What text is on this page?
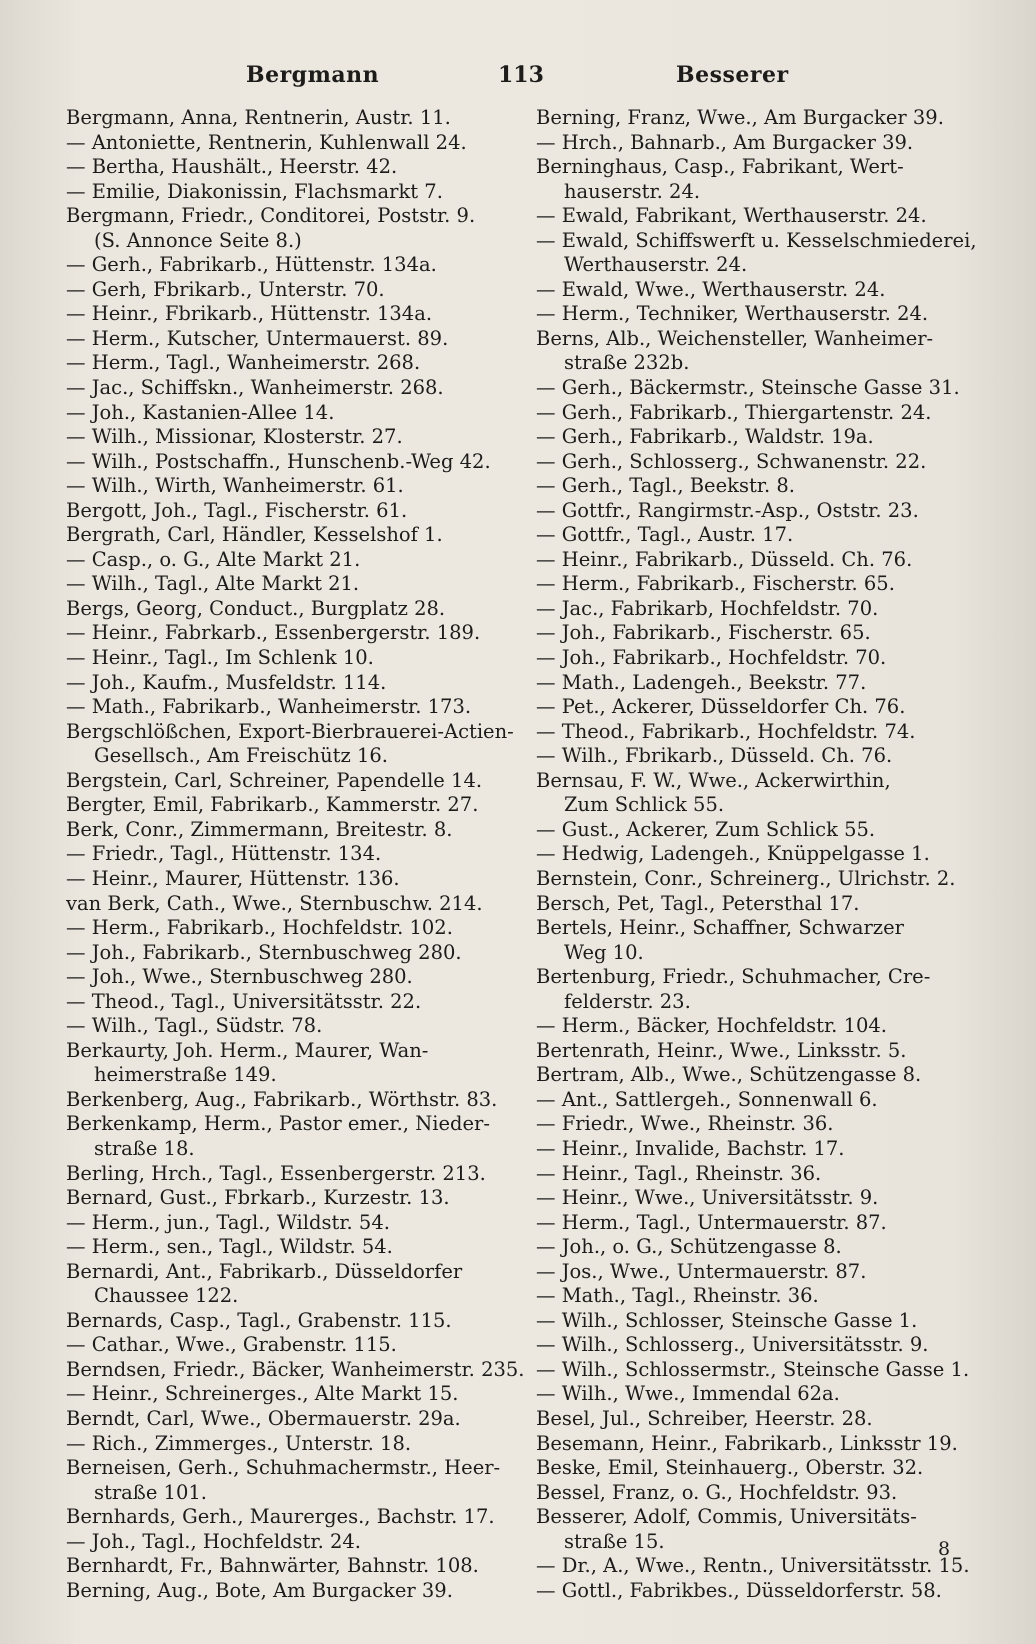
Bergmann	113	Besserer
Bergmann, Anna, Rentnerin, Austr. 11.
— Antoniette, Rentnerin, Kuhlenwall 24.
— Bertha, Haushält., Heerstr. 42.
— Emilie, Diakonissin, Flachsmarkt 7.
Bergmann, Friedr., Conditorei, Poststr. 9.
(S. Annonce Seite 8.)
— Gerh., Fabrikarb., Hüttenstr. 134a.
— Gerh, Fbrikarb., Unterstr. 70.
— Heinr., Fbrikarb., Hüttenstr. 134a.
— Herm., Kutscher, Untermauerst. 89.
— Herm., Tagl., Wanheimerstr. 268.
— Jac., Schiffskn., Wanheimerstr. 268.
— Joh., Kastanien-Allee 14.
— Wilh., Missionar, Klosterstr. 27.
— Wilh., Postschaffn., Hunschenb.-Weg 42.
— Wilh., Wirth, Wanheimerstr. 61.
Bergott, Joh., Tagl., Fischerstr. 61.
Bergrath, Carl, Händler, Kesselshof 1.
— Casp., o. G., Alte Markt 21.
— Wilh., Tagl., Alte Markt 21.
Bergs, Georg, Conduct., Burgplatz 28.
— Heinr., Fabrkarb., Essenbergerstr. 189.
— Heinr., Tagl., Im Schlenk 10.
— Joh., Kaufm., Musfeldstr. 114.
— Math., Fabrikarb., Wanheimerstr. 173.
Bergschlößchen, Export-Bierbrauerei-Actien-
Gesellsch., Am Freischütz 16.
Bergstein, Carl, Schreiner, Papendelle 14.
Bergter, Emil, Fabrikarb., Kammerstr. 27.
Berk, Conr., Zimmermann, Breitestr. 8.
— Friedr., Tagl., Hüttenstr. 134.
— Heinr., Maurer, Hüttenstr. 136.
van Berk, Cath., Wwe., Sternbuschw. 214.
— Herm., Fabrikarb., Hochfeldstr. 102.
— Joh., Fabrikarb., Sternbuschweg 280.
— Joh., Wwe., Sternbuschweg 280.
— Theod., Tagl., Universitätsstr. 22.
— Wilh., Tagl., Südstr. 78.
Berkaurty, Joh. Herm., Maurer, Wan-
heimerstraße 149.
Berkenberg, Aug., Fabrikarb., Wörthstr. 83.
Berkenkamp, Herm., Pastor emer., Nieder-
straße 18.
Berling, Hrch., Tagl., Essenbergerstr. 213.
Bernard, Gust., Fbrkarb., Kurzestr. 13.
— Herm., jun., Tagl., Wildstr. 54.
— Herm., sen., Tagl., Wildstr. 54.
Bernardi, Ant., Fabrikarb., Düsseldorfer
Chaussee 122.
Bernards, Casp., Tagl., Grabenstr. 115.
— Cathar., Wwe., Grabenstr. 115.
Berndsen, Friedr., Bäcker, Wanheimerstr. 235.
— Heinr., Schreinerges., Alte Markt 15.
Berndt, Carl, Wwe., Obermauerstr. 29a.
— Rich., Zimmerges., Unterstr. 18.
Berneisen, Gerh., Schuhmachermstr., Heer-
straße 101.
Bernhards, Gerh., Maurerges., Bachstr. 17.
— Joh., Tagl., Hochfeldstr. 24.
Bernhardt, Fr., Bahnwärter, Bahnstr. 108.
Berning, Aug., Bote, Am Burgacker 39.
Berning, Franz, Wwe., Am Burgacker 39.
— Hrch., Bahnarb., Am Burgacker 39.
Berninghaus, Casp., Fabrikant, Wert-
hauserstr. 24.
— Ewald, Fabrikant, Werthauserstr. 24.
— Ewald, Schiffswerft u. Kesselschmiederei,
Werthauserstr. 24.
— Ewald, Wwe., Werthauserstr. 24.
— Herm., Techniker, Werthauserstr. 24.
Berns, Alb., Weichensteller, Wanheimer-
straße 232b.
— Gerh., Bäckermstr., Steinsche Gasse 31.
— Gerh., Fabrikarb., Thiergartenstr. 24.
— Gerh., Fabrikarb., Waldstr. 19a.
— Gerh., Schlosserg., Schwanenstr. 22.
— Gerh., Tagl., Beekstr. 8.
— Gottfr., Rangirmstr.-Asp., Oststr. 23.
— Gottfr., Tagl., Austr. 17.
— Heinr., Fabrikarb., Düsseld. Ch. 76.
— Herm., Fabrikarb., Fischerstr. 65.
— Jac., Fabrikarb, Hochfeldstr. 70.
— Joh., Fabrikarb., Fischerstr. 65.
— Joh., Fabrikarb., Hochfeldstr. 70.
— Math., Ladengeh., Beekstr. 77.
— Pet., Ackerer, Düsseldorfer Ch. 76.
— Theod., Fabrikarb., Hochfeldstr. 74.
— Wilh., Fbrikarb., Düsseld. Ch. 76.
Bernsau, F. W., Wwe., Ackerwirthin,
Zum Schlick 55.
— Gust., Ackerer, Zum Schlick 55.
— Hedwig, Ladengeh., Knüppelgasse 1.
Bernstein, Conr., Schreinerg., Ulrichstr. 2.
Bersch, Pet, Tagl., Petersthal 17.
Bertels, Heinr., Schaffner, Schwarzer
Weg 10.
Bertenburg, Friedr., Schuhmacher, Cre-
felderstr. 23.
— Herm., Bäcker, Hochfeldstr. 104.
Bertenrath, Heinr., Wwe., Linksstr. 5.
Bertram, Alb., Wwe., Schützengasse 8.
— Ant., Sattlergeh., Sonnenwall 6.
— Friedr., Wwe., Rheinstr. 36.
— Heinr., Invalide, Bachstr. 17.
— Heinr., Tagl., Rheinstr. 36.
— Heinr., Wwe., Universitätsstr. 9.
— Herm., Tagl., Untermauerstr. 87.
— Joh., o. G., Schützengasse 8.
— Jos., Wwe., Untermauerstr. 87.
— Math., Tagl., Rheinstr. 36.
— Wilh., Schlosser, Steinsche Gasse 1.
— Wilh., Schlosserg., Universitätsstr. 9.
— Wilh., Schlossermstr., Steinsche Gasse 1.
— Wilh., Wwe., Immendal 62a.
Besel, Jul., Schreiber, Heerstr. 28.
Besemann, Heinr., Fabrikarb., Linksstr 19.
Beske, Emil, Steinhauerg., Oberstr. 32.
Bessel, Franz, o. G., Hochfeldstr. 93.
Besserer, Adolf, Commis, Universitäts-
straße 15.
— Dr., A., Wwe., Rentn., Universitätsstr. 15.
— Gottl., Fabrikbes., Düsseldorferstr. 58.
8
